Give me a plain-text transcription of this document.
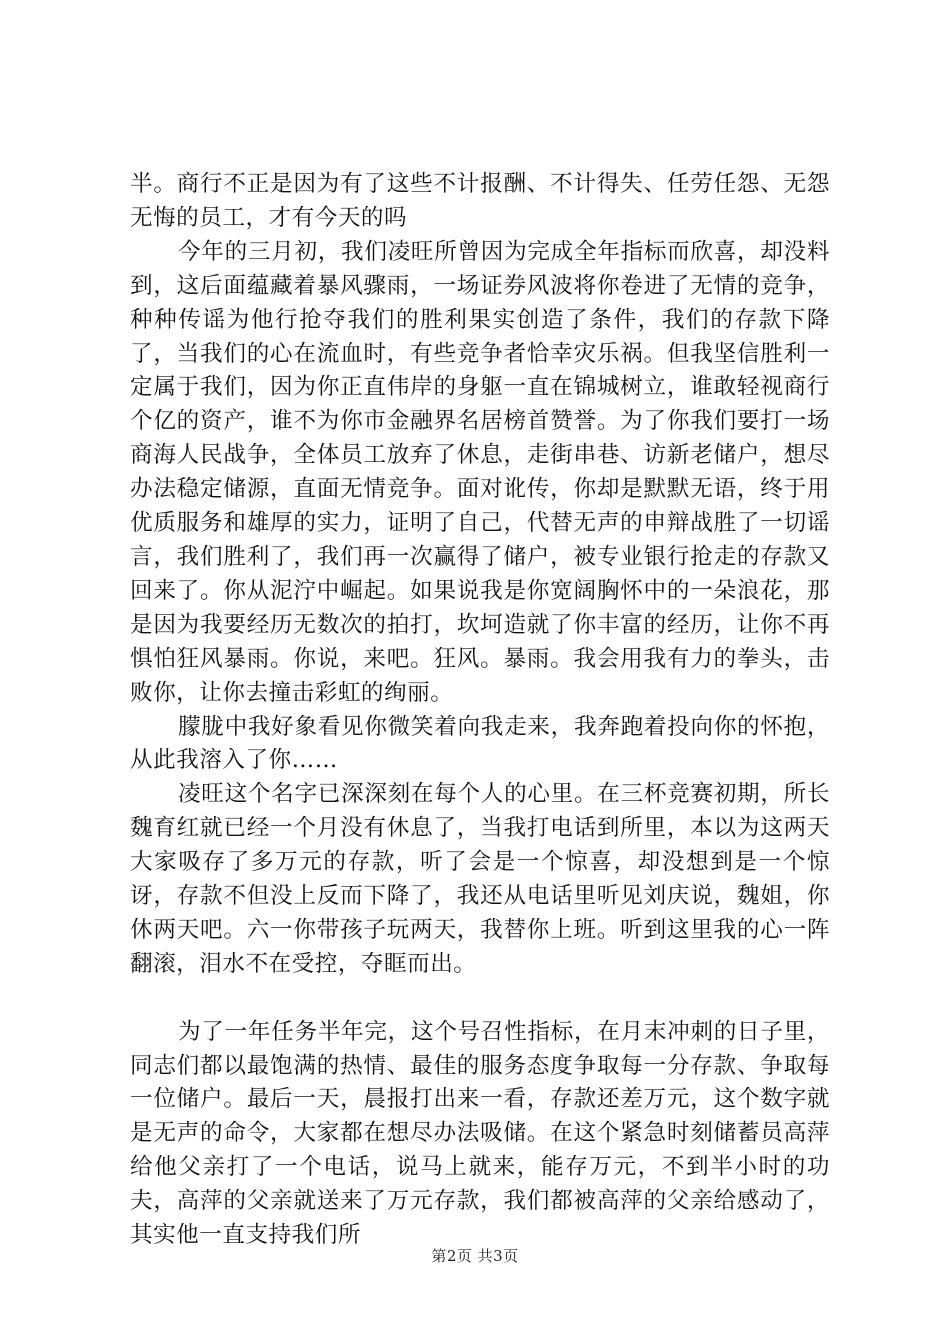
半。商行不正是因为有了这些不计报酬、不计得失、任劳任怨、无怨无悔的员工，才有今天的吗

今年的三月初，我们凌旺所曾因为完成全年指标而欣喜，却没料到，这后面蕴藏着暴风骤雨，一场证券风波将你卷进了无情的竞争，种种传谣为他行抢夺我们的胜利果实创造了条件，我们的存款下降了，当我们的心在流血时，有些竞争者恰幸灾乐祸。但我坚信胜利一定属于我们，因为你正直伟岸的身躯一直在锦城树立，谁敢轻视商行个亿的资产，谁不为你市金融界名居榜首赞誉。为了你我们要打一场商海人民战争，全体员工放弃了休息，走街串巷、访新老储户，想尽办法稳定储源，直面无情竞争。面对讹传，你却是默默无语，终于用优质服务和雄厚的实力，证明了自己，代替无声的申辩战胜了一切谣言，我们胜利了，我们再一次赢得了储户，被专业银行抢走的存款又回来了。你从泥泞中崛起。如果说我是你宽阔胸怀中的一朵浪花，那是因为我要经历无数次的拍打，坎坷造就了你丰富的经历，让你不再惧怕狂风暴雨。你说，来吧。狂风。暴雨。我会用我有力的拳头，击败你，让你去撞击彩虹的绚丽。

朦胧中我好象看见你微笑着向我走来，我奔跑着投向你的怀抱，从此我溶入了你……

凌旺这个名字已深深刻在每个人的心里。在三杯竞赛初期，所长魏育红就已经一个月没有休息了，当我打电话到所里，本以为这两天大家吸存了多万元的存款，听了会是一个惊喜，却没想到是一个惊讶，存款不但没上反而下降了，我还从电话里听见刘庆说，魏姐，你休两天吧。六一你带孩子玩两天，我替你上班。听到这里我的心一阵翻滚，泪水不在受控，夺眶而出。

为了一年任务半年完，这个号召性指标，在月末冲刺的日子里，同志们都以最饱满的热情、最佳的服务态度争取每一分存款、争取每一位储户。最后一天，晨报打出来一看，存款还差万元，这个数字就是无声的命令，大家都在想尽办法吸储。在这个紧急时刻储蓄员高萍给他父亲打了一个电话，说马上就来，能存万元，不到半小时的功夫，高萍的父亲就送来了万元存款，我们都被高萍的父亲给感动了，其实他一直支持我们所

第2页 共3页
